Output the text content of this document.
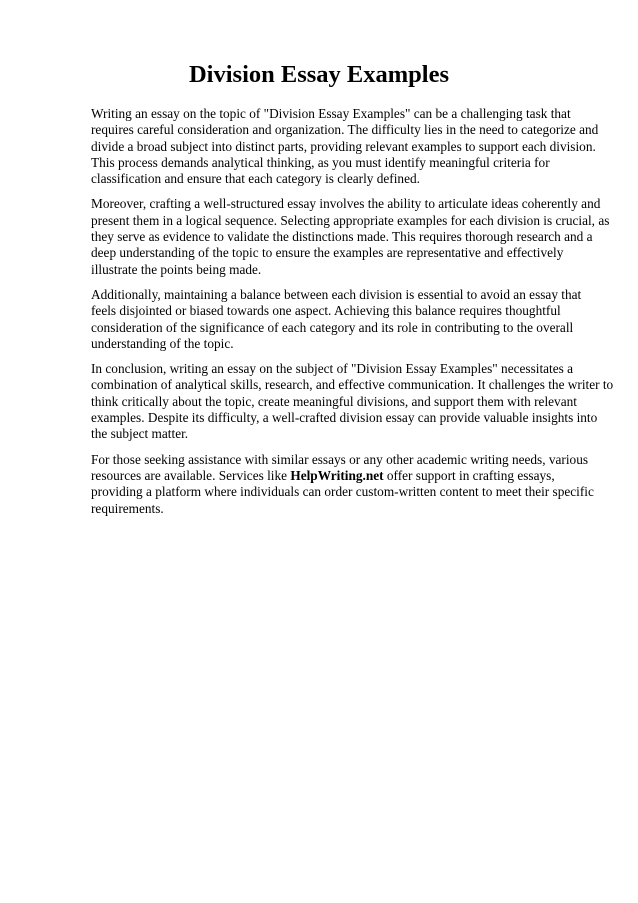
Division Essay Examples

Writing an essay on the topic of "Division Essay Examples" can be a challenging task that
requires careful consideration and organization. The difficulty lies in the need to categorize and
divide a broad subject into distinct parts, providing relevant examples to support each division.
This process demands analytical thinking, as you must identify meaningful criteria for
classification and ensure that each category is clearly defined.

Moreover, crafting a well-structured essay involves the ability to articulate ideas coherently and
present them in a logical sequence. Selecting appropriate examples for each division is crucial, as
they serve as evidence to validate the distinctions made. This requires thorough research and a
deep understanding of the topic to ensure the examples are representative and effectively
illustrate the points being made.

Additionally, maintaining a balance between each division is essential to avoid an essay that
feels disjointed or biased towards one aspect. Achieving this balance requires thoughtful
consideration of the significance of each category and its role in contributing to the overall
understanding of the topic.

In conclusion, writing an essay on the subject of "Division Essay Examples" necessitates a
combination of analytical skills, research, and effective communication. It challenges the writer to
think critically about the topic, create meaningful divisions, and support them with relevant
examples. Despite its difficulty, a well-crafted division essay can provide valuable insights into
the subject matter.

For those seeking assistance with similar essays or any other academic writing needs, various
resources are available. Services like HelpWriting.net offer support in crafting essays,
providing a platform where individuals can order custom-written content to meet their specific
requirements.
